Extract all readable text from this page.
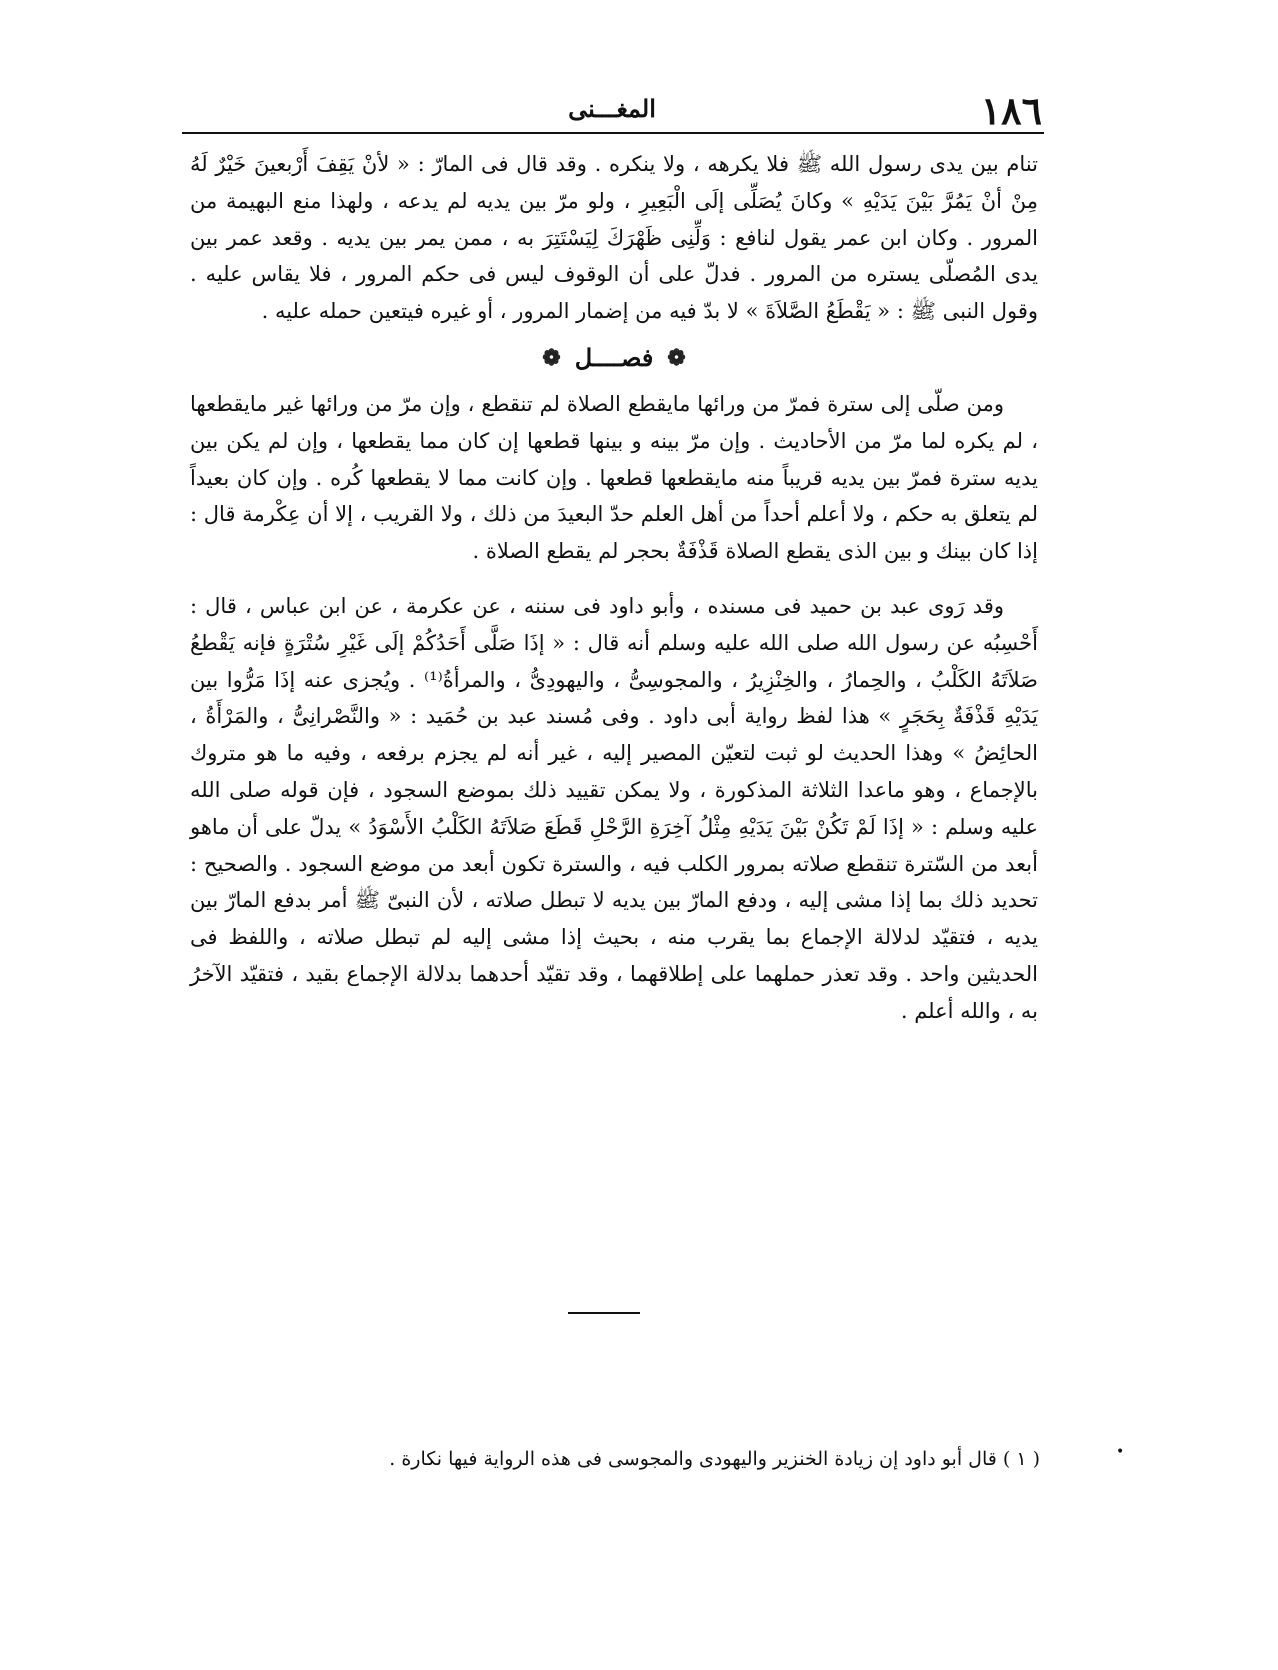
١٨٦
المغـــنى

تنام بين يدى رسول الله ﷺ فلا يكرهه ، ولا ينكره . وقد قال فى المارّ : « لأنْ يَقِفَ أَرْبعينَ خَيْرٌ لَهُ مِنْ أنْ يَمُرَّ بَيْنَ يَدَيْهِ » وكانَ يُصَلِّى إلَى الْبَعِيرِ ، ولو مرّ بين يديه لم يدعه ، ولهذا منع البهيمة من المرور . وكان ابن عمر يقول لنافع : وَلِّنِى ظَهْرَكَ لِيَسْتَتِرَ به ، ممن يمر بين يديه . وقعد عمر بين يدى المُصلّى يستره من المرور . فدلّ على أن الوقوف ليس فى حكم المرور ، فلا يقاس عليه . وقول النبى ﷺ : « يَقْطَعُ الصَّلاَةَ » لا بدّ فيه من إضمار المرور ، أو غيره فيتعين حمله عليه .

❁
فصــــل
❁

ومن صلّى إلى سترة فمرّ من ورائها مايقطع الصلاة لم تنقطع ، وإن مرّ من ورائها غير مايقطعها ، لم يكره لما مرّ من الأحاديث . وإن مرّ بينه و بينها قطعها إن كان مما يقطعها ، وإن لم يكن بين يديه سترة فمرّ بين يديه قريباً منه مايقطعها قطعها . وإن كانت مما لا يقطعها كُره . وإن كان بعيداً لم يتعلق به حكم ، ولا أعلم أحداً من أهل العلم حدّ البعيدَ من ذلك ، ولا القريب ، إلا أن عِكْرمة قال : إذا كان بينك و بين الذى يقطع الصلاة قَذْفَةٌ بحجر لم يقطع الصلاة .

وقد رَوى عبد بن حميد فى مسنده ، وأبو داود فى سننه ، عن عكرمة ، عن ابن عباس ، قال : أَحْسِبُه عن رسول الله صلى الله عليه وسلم أنه قال : « إذَا صَلَّى أَحَدُكُمْ إلَى غَيْرِ سُتْرَةٍ فإنه يَقْطعُ صَلاَتَهُ الكَلْبُ ، والحِمارُ ، والخِنْزِيرُ ، والمجوسِىُّ ، واليهودِىُّ ، والمرأةُ⁽¹⁾ . ويُجزى عنه إذَا مَرُّوا بين يَدَيْهِ قَذْفَةٌ بِحَجَرٍ » هذا لفظ رواية أبى داود . وفى مُسند عبد بن حُمَيد : « والنَّصْرانِىُّ ، والمَرْأَةُ ، الحائِضُ » وهذا الحديث لو ثبت لتعيّن المصير إليه ، غير أنه لم يجزم برفعه ، وفيه ما هو متروك بالإجماع ، وهو ماعدا الثلاثة المذكورة ، ولا يمكن تقييد ذلك بموضع السجود ، فإن قوله صلى الله عليه وسلم : « إذَا لَمْ تَكُنْ بَيْنَ يَدَيْهِ مِثْلُ آخِرَةِ الرَّحْلِ قَطَعَ صَلاَتَهُ الكَلْبُ الأَسْوَدُ » يدلّ على أن ماهو أبعد من السّترة تنقطع صلاته بمرور الكلب فيه ، والسترة تكون أبعد من موضع السجود . والصحيح : تحديد ذلك بما إذا مشى إليه ، ودفع المارّ بين يديه لا تبطل صلاته ، لأن النبىّ ﷺ أمر بدفع المارّ بين يديه ، فتقيّد لدلالة الإجماع بما يقرب منه ، بحيث إذا مشى إليه لم تبطل صلاته ، واللفظ فى الحديثين واحد . وقد تعذر حملهما على إطلاقهما ، وقد تقيّد أحدهما بدلالة الإجماع بقيد ، فتقيّد الآخرُ به ، والله أعلم .

( ١ ) قال أبو داود إن زيادة الخنزير واليهودى والمجوسى فى هذه الرواية فيها نكارة .	•
